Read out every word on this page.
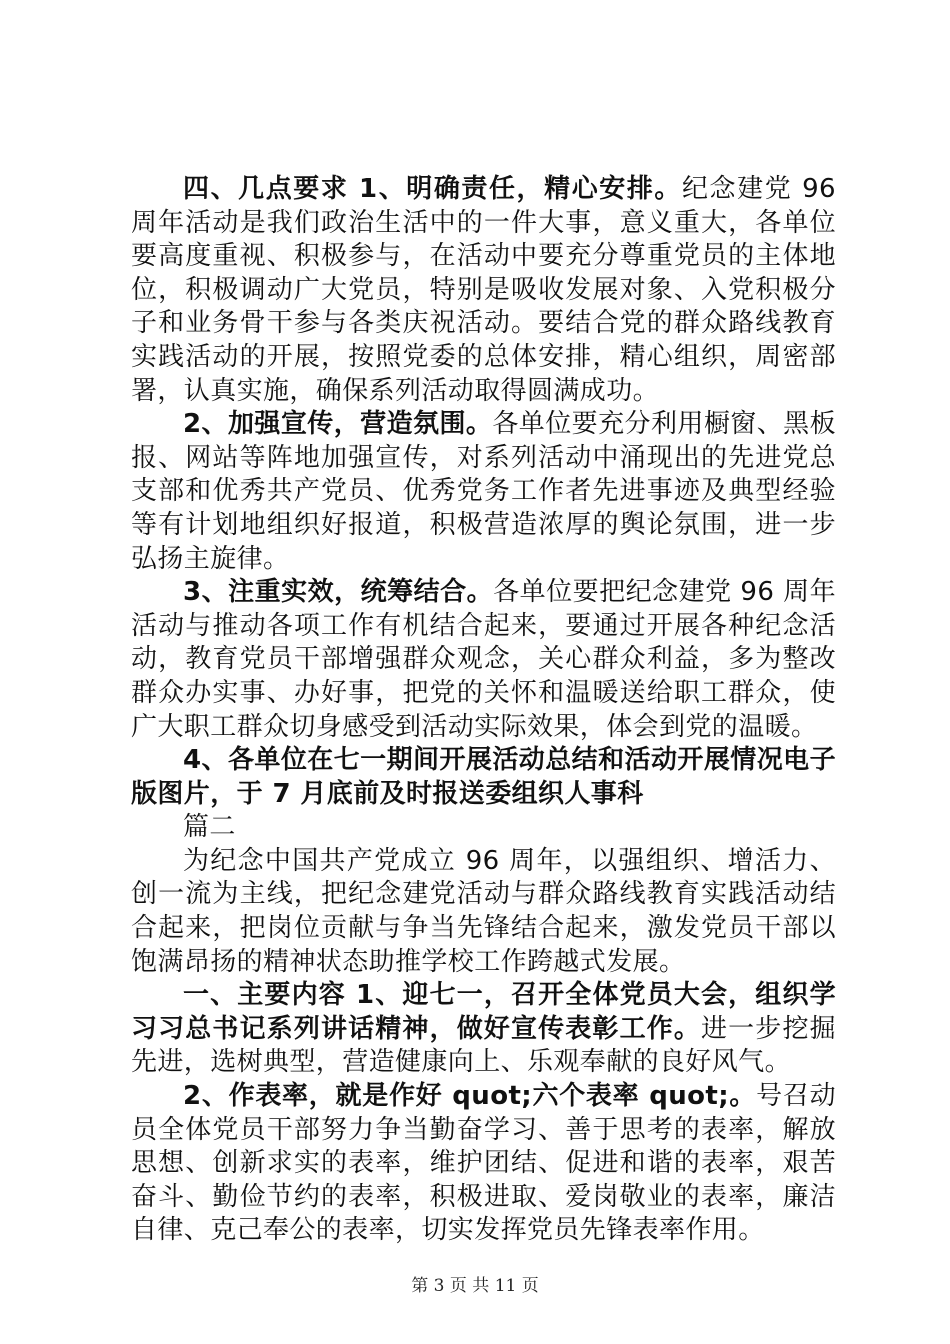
四、几点要求 1、明确责任，精心安排。纪念建党 96 周年活动是我们政治生活中的一件大事，意义重大，各单位要高度重视、积极参与，在活动中要充分尊重党员的主体地位，积极调动广大党员，特别是吸收发展对象、入党积极分子和业务骨干参与各类庆祝活动。要结合党的群众路线教育实践活动的开展，按照党委的总体安排，精心组织，周密部署，认真实施，确保系列活动取得圆满成功。

2、加强宣传，营造氛围。各单位要充分利用橱窗、黑板报、网站等阵地加强宣传，对系列活动中涌现出的先进党总支部和优秀共产党员、优秀党务工作者先进事迹及典型经验等有计划地组织好报道，积极营造浓厚的舆论氛围，进一步弘扬主旋律。

3、注重实效，统筹结合。各单位要把纪念建党 96 周年活动与推动各项工作有机结合起来，要通过开展各种纪念活动，教育党员干部增强群众观念，关心群众利益，多为整改群众办实事、办好事，把党的关怀和温暖送给职工群众，使广大职工群众切身感受到活动实际效果，体会到党的温暖。

4、各单位在七一期间开展活动总结和活动开展情况电子版图片，于 7 月底前及时报送委组织人事科

篇二

为纪念中国共产党成立 96 周年，以强组织、增活力、创一流为主线，把纪念建党活动与群众路线教育实践活动结合起来，把岗位贡献与争当先锋结合起来，激发党员干部以饱满昂扬的精神状态助推学校工作跨越式发展。

一、主要内容 1、迎七一，召开全体党员大会，组织学习习总书记系列讲话精神，做好宣传表彰工作。进一步挖掘先进，选树典型，营造健康向上、乐观奉献的良好风气。

2、作表率，就是作好 quot;六个表率 quot;。号召动员全体党员干部努力争当勤奋学习、善于思考的表率，解放思想、创新求实的表率，维护团结、促进和谐的表率，艰苦奋斗、勤俭节约的表率，积极进取、爱岗敬业的表率，廉洁自律、克己奉公的表率，切实发挥党员先锋表率作用。

第 3 页 共 11 页
